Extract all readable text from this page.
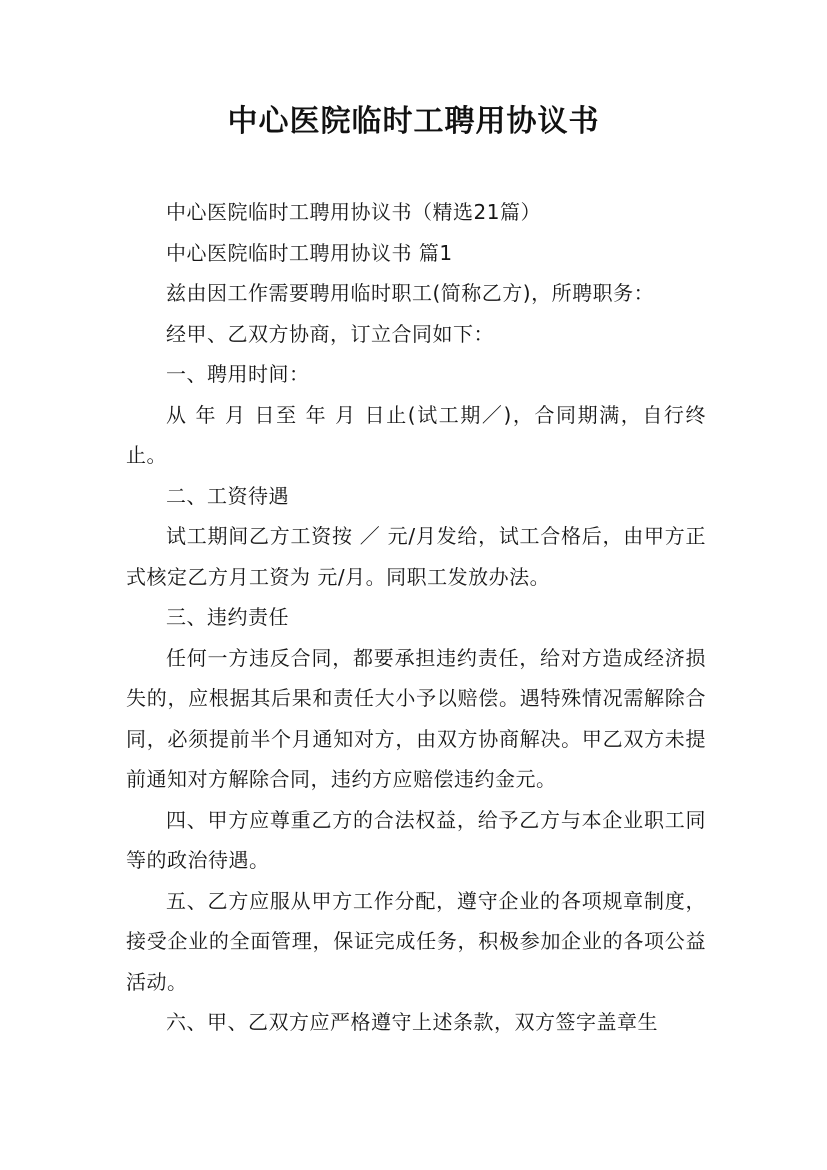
中心医院临时工聘用协议书

中心医院临时工聘用协议书（精选21篇）

中心医院临时工聘用协议书 篇1

兹由因工作需要聘用临时职工(简称乙方)，所聘职务：

经甲、乙双方协商，订立合同如下：

一、聘用时间：

从 年 月 日至 年 月 日止(试工期／)，合同期满，自行终止。

二、工资待遇

试工期间乙方工资按 ／ 元/月发给，试工合格后，由甲方正式核定乙方月工资为 元/月。同职工发放办法。

三、违约责任

任何一方违反合同，都要承担违约责任，给对方造成经济损失的，应根据其后果和责任大小予以赔偿。遇特殊情况需解除合同，必须提前半个月通知对方，由双方协商解决。甲乙双方未提前通知对方解除合同，违约方应赔偿违约金元。

四、甲方应尊重乙方的合法权益，给予乙方与本企业职工同等的政治待遇。

五、乙方应服从甲方工作分配，遵守企业的各项规章制度，接受企业的全面管理，保证完成任务，积极参加企业的各项公益活动。

六、甲、乙双方应严格遵守上述条款，双方签字盖章生
